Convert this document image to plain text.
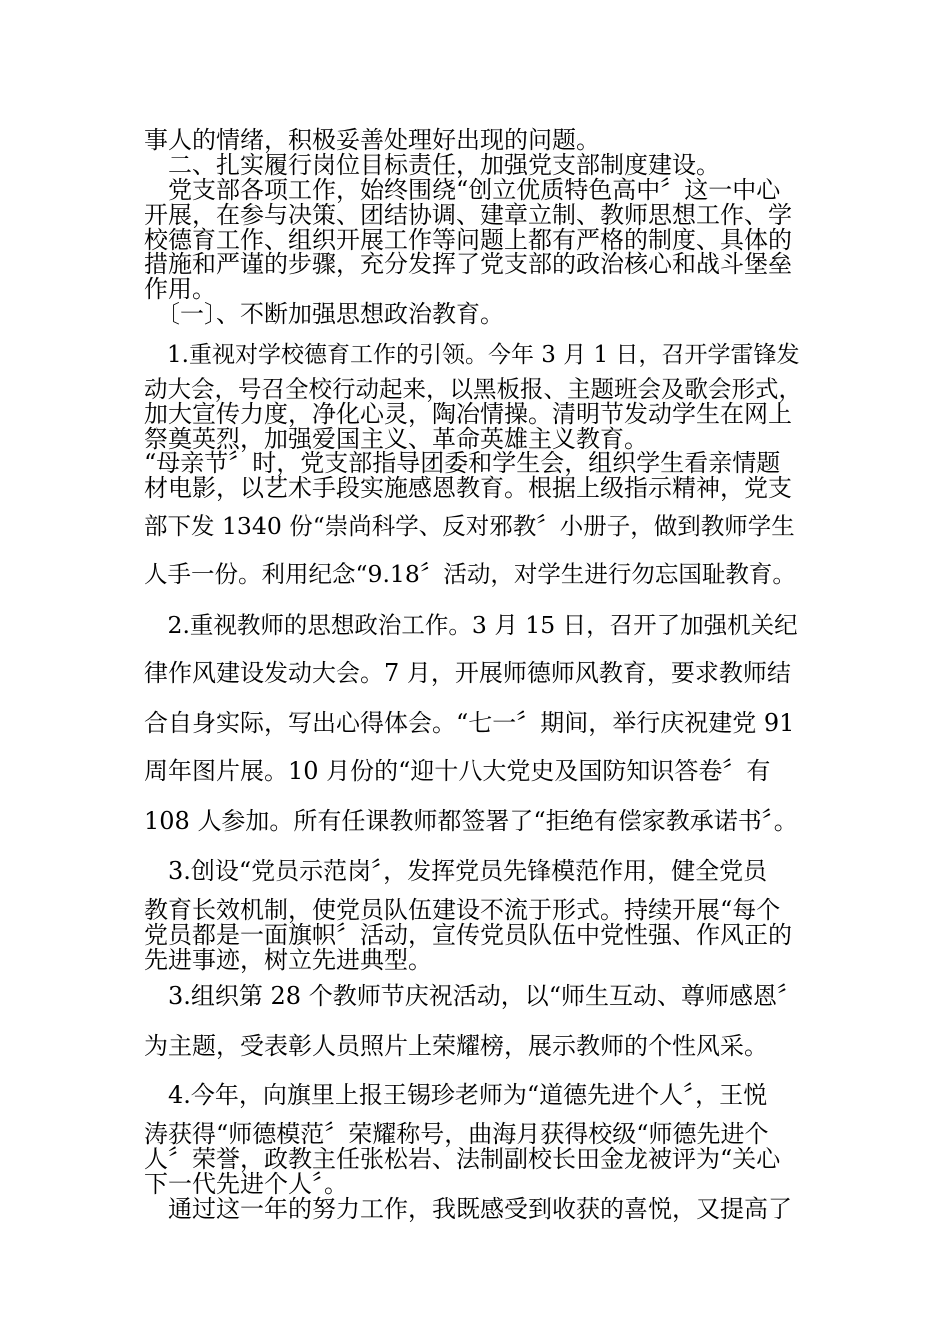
事人的情绪，积极妥善处理好出现的问题。
　二、扎实履行岗位目标责任，加强党支部制度建设。
　党支部各项工作，始终围绕“创立优质特色高中〞这一中心
开展，在参与决策、团结协调、建章立制、教师思想工作、学
校德育工作、组织开展工作等问题上都有严格的制度、具体的
措施和严谨的步骤，充分发挥了党支部的政治核心和战斗堡垒
作用。
　〔一〕、不断加强思想政治教育。
　1.重视对学校德育工作的引领。今年 3 月 1 日，召开学雷锋发
动大会，号召全校行动起来，以黑板报、主题班会及歌会形式，
加大宣传力度，净化心灵，陶冶情操。清明节发动学生在网上
祭奠英烈，加强爱国主义、革命英雄主义教育。
“母亲节〞时，党支部指导团委和学生会，组织学生看亲情题
材电影，以艺术手段实施感恩教育。根据上级指示精神，党支
部下发 1340 份“崇尚科学、反对邪教〞小册子，做到教师学生
人手一份。利用纪念“9.18〞活动，对学生进行勿忘国耻教育。
　2.重视教师的思想政治工作。3 月 15 日，召开了加强机关纪
律作风建设发动大会。7 月，开展师德师风教育，要求教师结
合自身实际，写出心得体会。“七一〞期间，举行庆祝建党 91
周年图片展。10 月份的“迎十八大党史及国防知识答卷〞有
108 人参加。所有任课教师都签署了“拒绝有偿家教承诺书〞。
　3.创设“党员示范岗〞，发挥党员先锋模范作用，健全党员
教育长效机制，使党员队伍建设不流于形式。持续开展“每个
党员都是一面旗帜〞活动，宣传党员队伍中党性强、作风正的
先进事迹，树立先进典型。
　3.组织第 28 个教师节庆祝活动，以“师生互动、尊师感恩〞
为主题，受表彰人员照片上荣耀榜，展示教师的个性风采。
　4.今年，向旗里上报王锡珍老师为“道德先进个人〞，王悦
涛获得“师德模范〞荣耀称号，曲海月获得校级“师德先进个
人〞荣誉，政教主任张松岩、法制副校长田金龙被评为“关心
下一代先进个人〞。
　通过这一年的努力工作，我既感受到收获的喜悦，又提高了
